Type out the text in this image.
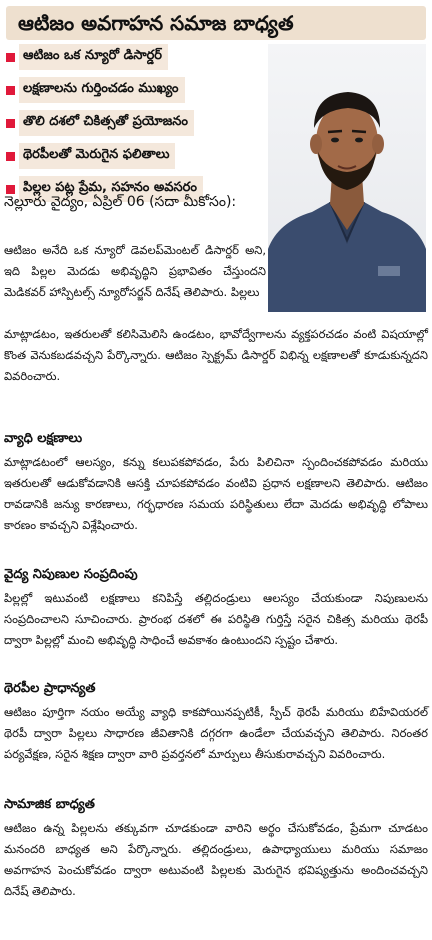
ఆటిజం అవగాహన సమాజ బాధ్యత
ఆటిజం ఒక న్యూరో డిసార్డర్
లక్షణాలను గుర్తించడం ముఖ్యం
తొలి దశలో చికిత్సతో ప్రయోజనం
థెరపీలతో మెరుగైన ఫలితాలు
పిల్లల పట్ల ప్రేమ, సహనం అవసరం
నెల్లూరు వైద్యం, ఏప్రిల్ 06 (సదా మీకోసం):
ఆటిజం అనేది ఒక న్యూరో డెవలప్‌మెంటల్ డిసార్డర్ అని, ఇది పిల్లల మెదడు అభివృద్ధిని ప్రభావితం చేస్తుందని మెడికవర్ హాస్పిటల్స్ న్యూరోసర్జన్ దినేష్ తెలిపారు. పిల్లలు
మాట్లాడటం, ఇతరులతో కలిసిమెలిసి ఉండటం, భావోద్వేగాలను వ్యక్తపరచడం వంటి విషయాల్లో కొంత వెనుకబడవచ్చని పేర్కొన్నారు. ఆటిజం స్పెక్ట్రమ్ డిసార్డర్ విభిన్న లక్షణాలతో కూడుకున్నదని వివరించారు.
వ్యాధి లక్షణాలు
మాట్లాడటంలో ఆలస్యం, కన్ను కలుపకపోవడం, పేరు పిలిచినా స్పందించకపోవడం మరియు ఇతరులతో ఆడుకోవడానికి ఆసక్తి చూపకపోవడం వంటివి ప్రధాన లక్షణాలని తెలిపారు. ఆటిజం రావడానికి జన్యు కారణాలు, గర్భధారణ సమయ పరిస్థితులు లేదా మెదడు అభివృద్ధి లోపాలు కారణం కావచ్చని విశ్లేషించారు.
వైద్య నిపుణుల సంప్రదింపు
పిల్లల్లో ఇటువంటి లక్షణాలు కనిపిస్తే తల్లిదండ్రులు ఆలస్యం చేయకుండా నిపుణులను సంప్రదించాలని సూచించారు. ప్రారంభ దశలో ఈ పరిస్థితి గుర్తిస్తే సరైన చికిత్స మరియు థెరపీ ద్వారా పిల్లల్లో మంచి అభివృద్ధి సాధించే అవకాశం ఉంటుందని స్పష్టం చేశారు.
థెరపీల ప్రాధాన్యత
ఆటిజం పూర్తిగా నయం అయ్యే వ్యాధి కాకపోయినప్పటికీ, స్పీచ్ థెరపీ మరియు బిహేవియరల్ థెరపీ ద్వారా పిల్లలు సాధారణ జీవితానికి దగ్గరగా ఉండేలా చేయవచ్చని తెలిపారు. నిరంతర పర్యవేక్షణ, సరైన శిక్షణ ద్వారా వారి ప్రవర్తనలో మార్పులు తీసుకురావచ్చని వివరించారు.
సామాజిక బాధ్యత
ఆటిజం ఉన్న పిల్లలను తక్కువగా చూడకుండా వారిని అర్థం చేసుకోవడం, ప్రేమగా చూడటం మనందరి బాధ్యత అని పేర్కొన్నారు. తల్లిదండ్రులు, ఉపాధ్యాయులు మరియు సమాజం అవగాహన పెంచుకోవడం ద్వారా అటువంటి పిల్లలకు మెరుగైన భవిష్యత్తును అందించవచ్చని దినేష్ తెలిపారు.
